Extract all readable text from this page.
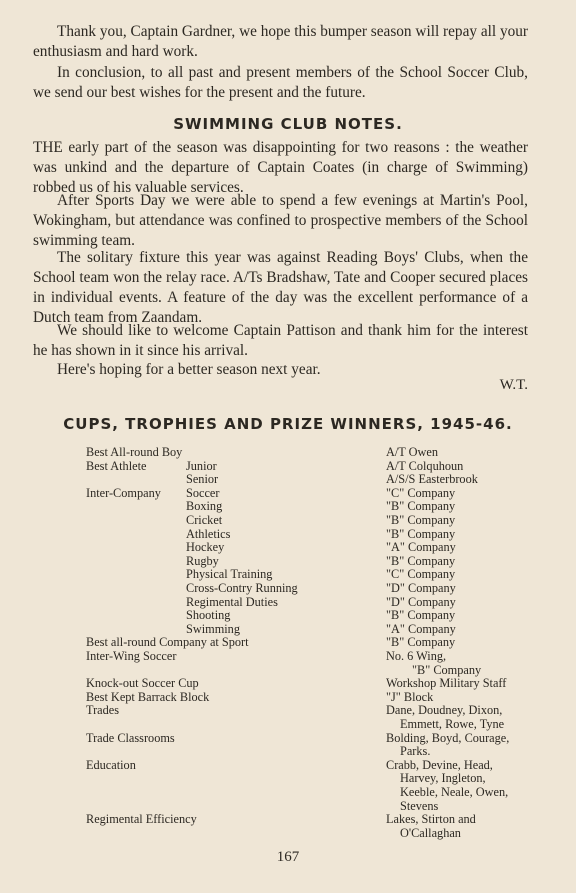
Thank you, Captain Gardner, we hope this bumper season will repay all your enthusiasm and hard work.

In conclusion, to all past and present members of the School Soccer Club, we send our best wishes for the present and the future.

SWIMMING CLUB NOTES.

THE early part of the season was disappointing for two reasons : the weather was unkind and the departure of Captain Coates (in charge of Swimming) robbed us of his valuable services.

After Sports Day we were able to spend a few evenings at Martin's Pool, Wokingham, but attendance was confined to prospective members of the School swimming team.

The solitary fixture this year was against Reading Boys' Clubs, when the School team won the relay race. A/Ts Bradshaw, Tate and Cooper secured places in individual events. A feature of the day was the excellent performance of a Dutch team from Zaandam.

We should like to welcome Captain Pattison and thank him for the interest he has shown in it since his arrival.

Here's hoping for a better season next year.

W.T.
CUPS, TROPHIES AND PRIZE WINNERS, 1945-46.
Best All-round Boy	A/T Owen
Best Athlete	Junior	A/T Colquhoun
Senior	A/S/S Easterbrook
Inter-Company Soccer	"C" Company
Boxing	"B" Company
Cricket	"B" Company
Athletics	"B" Company
Hockey	"A" Company
Rugby	"B" Company
Physical Training	"C" Company
Cross-Contry Running	"D" Company
Regimental Duties	"D" Company
Shooting	"B" Company
Swimming	"A" Company
Best all-round Company at Sport	"B" Company
Inter-Wing Soccer	No. 6 Wing,
"B" Company
Knock-out Soccer Cup	Workshop Military Staff
Best Kept Barrack Block	"J" Block
Trades	Dane, Doudney, Dixon,
Emmett, Rowe, Tyne
Trade Classrooms	Bolding, Boyd, Courage,
Parks.
Education	Crabb, Devine, Head,
Harvey, Ingleton,
Keeble, Neale, Owen,
Stevens
Regimental Efficiency	Lakes, Stirton and
O'Callaghan
167
